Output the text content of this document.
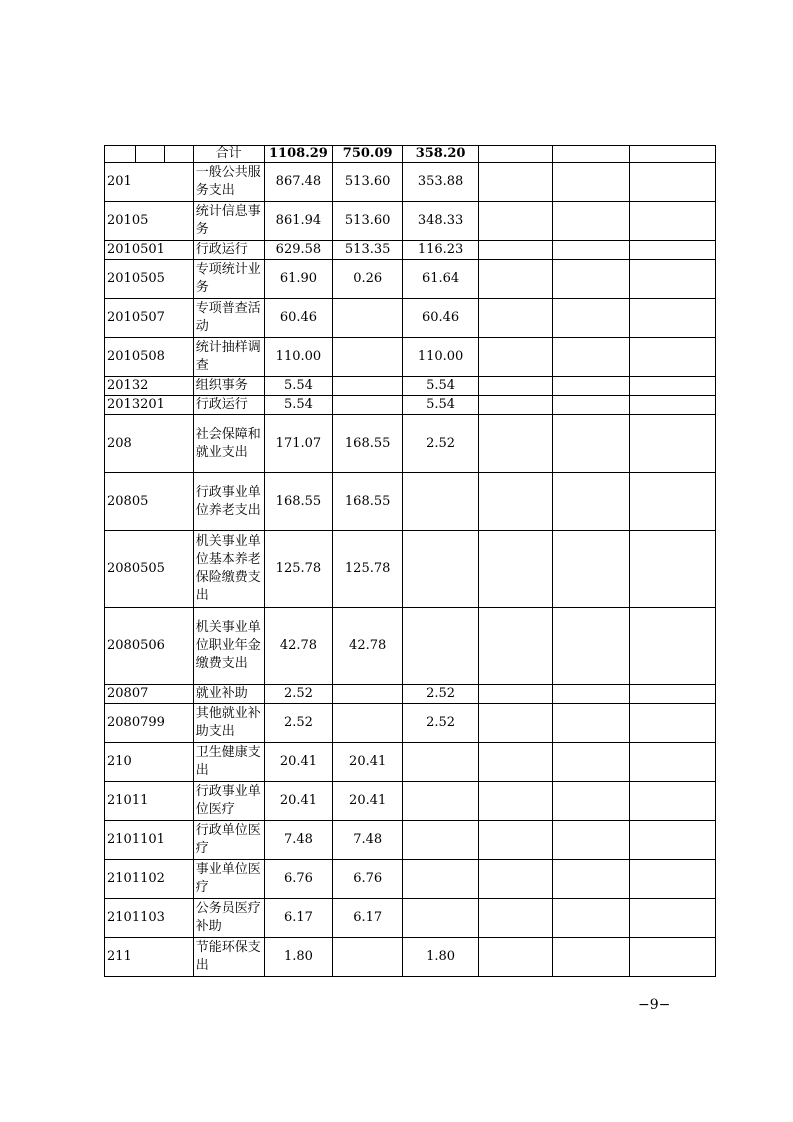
			合计	1108.29	750.09	358.20			
201			一般公共服务支出	867.48	513.60	353.88			
20105			统计信息事务	861.94	513.60	348.33			
2010501			行政运行	629.58	513.35	116.23			
2010505			专项统计业务	61.90	0.26	61.64			
2010507			专项普查活动	60.46		60.46			
2010508			统计抽样调查	110.00		110.00			
20132			组织事务	5.54		5.54			
2013201			行政运行	5.54		5.54			
208			社会保障和就业支出	171.07	168.55	2.52			
20805			行政事业单位养老支出	168.55	168.55				
2080505			机关事业单位基本养老保险缴费支出	125.78	125.78				
2080506			机关事业单位职业年金缴费支出	42.78	42.78				
20807			就业补助	2.52		2.52			
2080799			其他就业补助支出	2.52		2.52			
210			卫生健康支出	20.41	20.41				
21011			行政事业单位医疗	20.41	20.41				
2101101			行政单位医疗	7.48	7.48				
2101102			事业单位医疗	6.76	6.76				
2101103			公务员医疗补助	6.17	6.17				
211			节能环保支出	1.80		1.80			
−9−
